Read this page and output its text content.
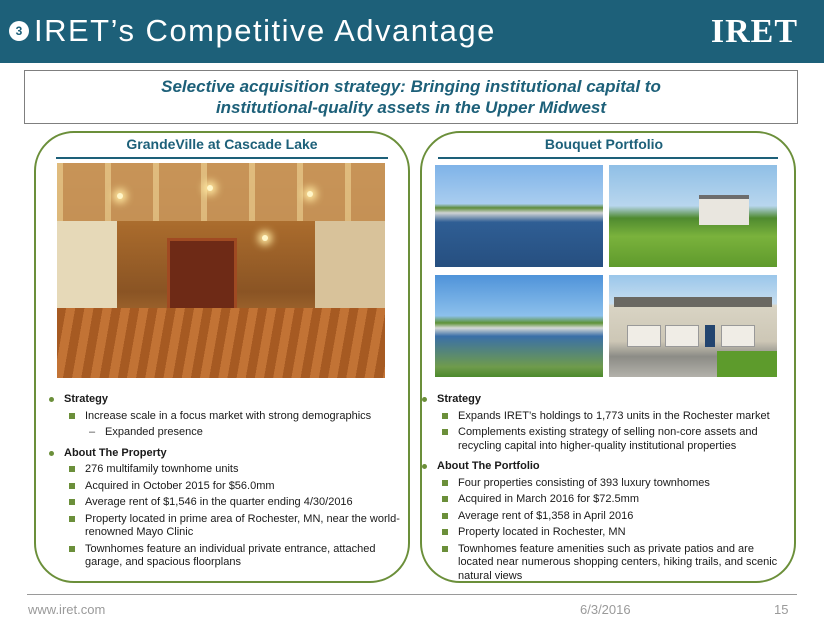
3 IRET’s Competitive Advantage	IRET
Selective acquisition strategy: Bringing institutional capital to
institutional-quality assets in the Upper Midwest
GrandeVille at Cascade Lake	Bouquet Portfolio
Strategy
Increase scale in a focus market with strong demographics
– Expanded presence
About The Property
276 multifamily townhome units
Acquired in October 2015 for $56.0mm
Average rent of $1,546 in the quarter ending 4/30/2016
Property located in prime area of Rochester, MN, near the world-renowned Mayo Clinic
Townhomes feature an individual private entrance, attached garage, and spacious floorplans
Strategy
Expands IRET’s holdings to 1,773 units in the Rochester market
Complements existing strategy of selling non-core assets and recycling capital into higher-quality institutional properties
About The Portfolio
Four properties consisting of 393 luxury townhomes
Acquired in March 2016 for $72.5mm
Average rent of $1,358 in April 2016
Property located in Rochester, MN
Townhomes feature amenities such as private patios and are located near numerous shopping centers, hiking trails, and scenic natural views
www.iret.com	6/3/2016	15
